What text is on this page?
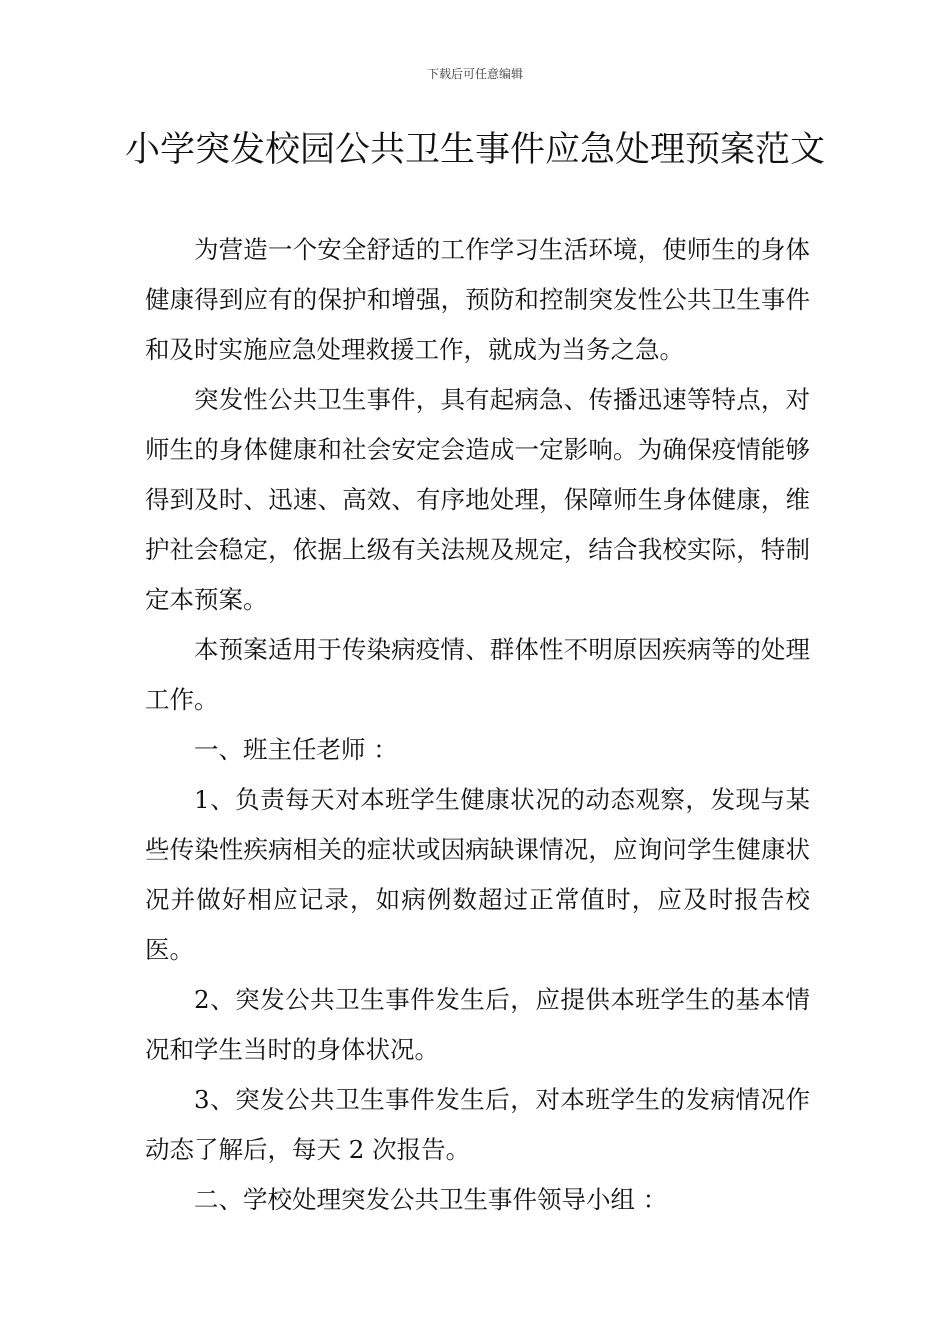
下载后可任意编辑
小学突发校园公共卫生事件应急处理预案范文

为营造一个安全舒适的工作学习生活环境，使师生的身体健康得到应有的保护和增强，预防和控制突发性公共卫生事件和及时实施应急处理救援工作，就成为当务之急。

突发性公共卫生事件，具有起病急、传播迅速等特点，对师生的身体健康和社会安定会造成一定影响。为确保疫情能够得到及时、迅速、高效、有序地处理，保障师生身体健康，维护社会稳定，依据上级有关法规及规定，结合我校实际，特制定本预案。

本预案适用于传染病疫情、群体性不明原因疾病等的处理工作。

一、班主任老师 ：

1、负责每天对本班学生健康状况的动态观察，发现与某些传染性疾病相关的症状或因病缺课情况，应询问学生健康状况并做好相应记录，如病例数超过正常值时，应及时报告校医。

2、突发公共卫生事件发生后，应提供本班学生的基本情况和学生当时的身体状况。

3、突发公共卫生事件发生后，对本班学生的发病情况作动态了解后，每天 2 次报告。

二、学校处理突发公共卫生事件领导小组 ：
